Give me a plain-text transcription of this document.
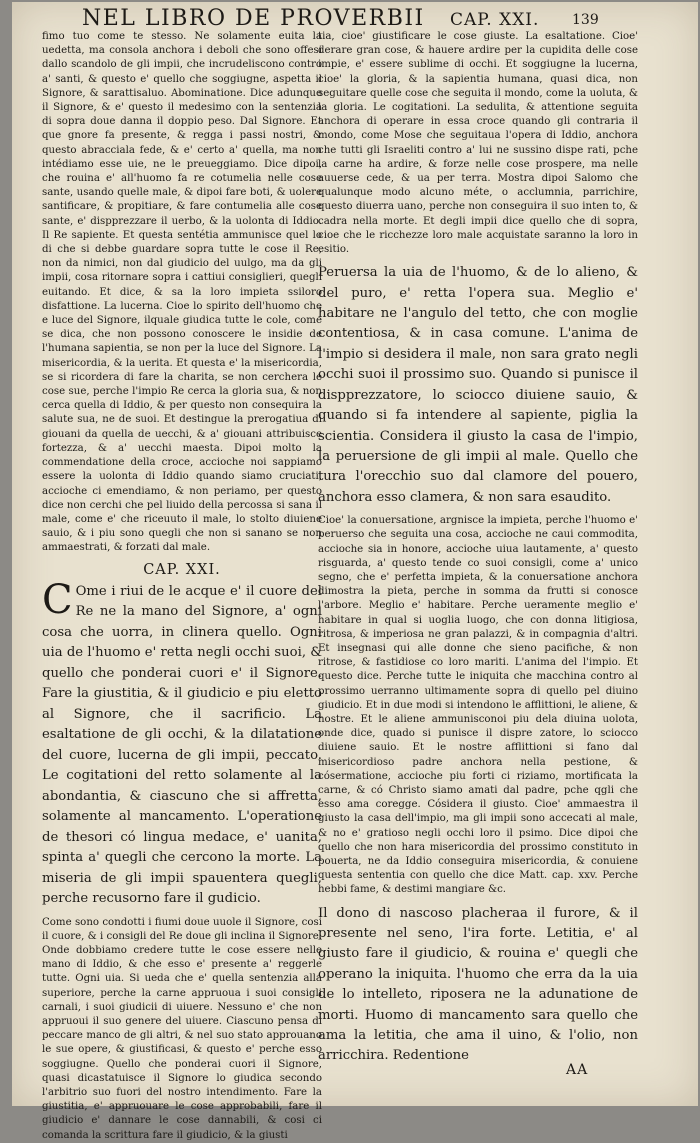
NEL LIBRO DE PROVERBII CAP. XXI. 139

fimo tuo come te stesso. Ne solamente euita la uedetta, ma consola anchora i deboli che sono offesi dallo scandolo de gli impii, che incrudeliscono contro a' santi, & questo e' quello che soggiugne, aspetta il Signore, & sarattisaluo. Abominatione. Dice adunque il Signore, & e' questo il medesimo con la sentenzia di sopra doue danna il doppio peso. Dal Signore. Et que gnore fa presente, & regga i passi nostri, & questo abracciala fede, & e' certo a' quella, ma non intédiamo esse uie, ne le preueggiamo. Dice dipoi, che rouina e' all'huomo fa re cotumelia nelle cose sante, usando quelle male, & dipoi fare boti, & uolere santificare, & propitiare, & fare contumelia alle cose sante, e' dispprezzare il uerbo, & la uolonta di Iddio. Il Re sapiente. Et questa sentétia ammunisce quel lo di che si debbe guardare sopra tutte le cose il Re, non da nimici, non dal giudicio del uulgo, ma da gli impii, cosa ritornare sopra i cattiui consiglieri, quegli euitando. Et dice, & sa la loro impieta ssiloro disfattione. La lucerna. Cioe lo spirito dell'huomo che e luce del Signore, ilquale giudica tutte le cole, come se dica, che non possono conoscere le insidie de l'humana sapientia, se non per la luce del Signore. La misericordia, & la uerita. Et questa e' la misericordia, se si ricordera di fare la charita, se non cerchera le cose sue, perche l'impio Re cerca la gloria sua, & non cerca quella di Iddio, & per questo non consequira la salute sua, ne de suoi. Et destingue la prerogatiua di giouani da quella de uecchi, & a' giouani attribuisce fortezza, & a' uecchi maesta. Dipoi molto la commendatione della croce, accioche noi sappiamo essere la uolonta di Iddio quando siamo cruciati, accioche ci emendiamo, & non periamo, per questo dice non cerchi che pel liuido della percossa si sana il male, come e' che riceuuto il male, lo stolto diuiene sauio, & i piu sono quegli che non si sanano se non ammaestrati, & forzati dal male.

CAP. XXI.

C Ome i riui de le acque e' il cuore del Re ne la mano del Signore, a' ogni cosa che uorra, in clinera quello. Ogni uia de l'huomo e' retta negli occhi suoi, & quello che ponderai cuori e' il Signore. Fare la giustitia, & il giudicio e piu eletto al Signore, che il sacrificio. La esaltatione de gli occhi, & la dilatatione del cuore, lucerna de gli impii, peccato. Le cogitationi del retto solamente al la abondantia, & ciascuno che si affretta, solamente al mancamento. L'operatione de thesori có lingua medace, e' uanita, spinta a' quegli che cercono la morte. La miseria de gli impii spauentera quegli, perche recusorno fare il gudicio.

Come sono condotti i fiumi doue uuole il Signore, cosi il cuore, & i consigli del Re doue gli inclina il Signore. Onde dobbiamo credere tutte le cose essere nelle mano di Iddio, & che esso e' presente a' reggerle tutte. Ogni uia. Si ueda che e' quella sentenzia alla superiore, perche la carne appruoua i suoi consigli carnali, i suoi giudicii di uiuere. Nessuno e' che non appruoui il suo genere del uiuere. Ciascuno pensa di peccare manco de gli altri, & nel suo stato approuano le sue opere, & giustificasi, & questo e' perche esso soggiugne. Quello che ponderai cuori il Signore, quasi dicastatuisce il Signore lo giudica secondo l'arbitrio suo fuori del nostro intendimento. Fare la giustitia, e' appruouare le cose approbabili, fare il giudicio e' dannare le cose dannabili, & cosi ci comanda la scrittura fare il giudicio, & la giusti

tia, cioe' giustificare le cose giuste. La esaltatione. Cioe' derare gran cose, & hauere ardire per la cupidita delle cose impie, e' essere sublime di occhi. Et soggiugne la lucerna, cioe' la gloria, & la sapientia humana, quasi dica, non seguitare quelle cose che seguita il mondo, come la uoluta, & la gloria. Le cogitationi. La sedulita, & attentione seguita anchora di operare in essa croce quando gli contraria il mondo, come Mose che seguitaua l'opera di Iddio, anchora che tutti gli Israeliti contro a' lui ne sussino dispe rati, pche la carne ha ardire, & forze nelle cose prospere, ma nelle auuerse cede, & ua per terra. Mostra dipoi Salomo che qualunque modo alcuno méte, o acclumnia, parrichire, questo diuerra uano, perche non conseguira il suo inten to, & cadra nella morte. Et degli impii dice quello che di sopra, cioe che le ricchezze loro male acquistate saranno la loro in esitio.

Peruersa la uia de l'huomo, & de lo alieno, & del puro, e' retta l'opera sua. Meglio e' habitare ne l'angulo del tetto, che con moglie contentiosa, & in casa comune. L'anima de l'impio si desidera il male, non sara grato negli occhi suoi il prossimo suo. Quando si punisce il dispprezzatore, lo sciocco diuiene sauio, & quando si fa intendere al sapiente, piglia la scientia. Considera il giusto la casa de l'impio, la peruersione de gli impii al male. Quello che tura l'orecchio suo dal clamore del pouero, anchora esso clamera, & non sara esaudito.

Cioe' la conuersatione, argnisce la impieta, perche l'huomo e' peruerso che seguita una cosa, accioche ne caui commodita, accioche sia in honore, accioche uiua lautamente, a' questo risguarda, a' questo tende co suoi consigli, come a' unico segno, che e' perfetta impieta, & la conuersatione anchora dimostra la pieta, perche in somma da frutti si conosce l'arbore. Meglio e' habitare. Perche ueramente meglio e' habitare in qual si uoglia luogo, che con donna litigiosa, ritrosa, & imperiosa ne gran palazzi, & in compagnia d'altri. Et insegnasi qui alle donne che sieno pacifiche, & non ritrose, & fastidiose co loro mariti. L'anima del l'impio. Et questo dice. Perche tutte le iniquita che macchina contro al prossimo uerranno ultimamente sopra di quello pel diuino giudicio. Et in due modi si intendono le afflittioni, le aliene, & nostre. Et le aliene ammunisconoi piu dela diuina uolota, onde dice, quado si punisce il dispre zatore, lo sciocco diuiene sauio. Et le nostre afflittioni si fano dal misericordioso padre anchora nella pestione, & cósermatione, accioche piu forti ci riziamo, mortificata la carne, & có Christo siamo amati dal padre, pche qgli che esso ama coregge. Cósidera il giusto. Cioe' ammaestra il giusto la casa dell'impio, ma gli impii sono accecati al male, & no e' gratioso negli occhi loro il psimo. Dice dipoi che quello che non hara misericordia del prossimo constituto in pouerta, ne da Iddio conseguira misericordia, & conuiene questa sententia con quello che dice Matt. cap. xxv. Perche hebbi fame, & destimi mangiare &c.

Il dono di nascoso placheraa il furore, & il presente nel seno, l'ira forte. Letitia, e' al giusto fare il giudicio, & rouina e' quegli che operano la iniquita. l'huomo che erra da la uia de lo intelleto, riposera ne la adunatione de morti. Huomo di mancamento sara quello che ama la letitia, che ama il uino, & l'olio, non arricchira. Redentione

AA
